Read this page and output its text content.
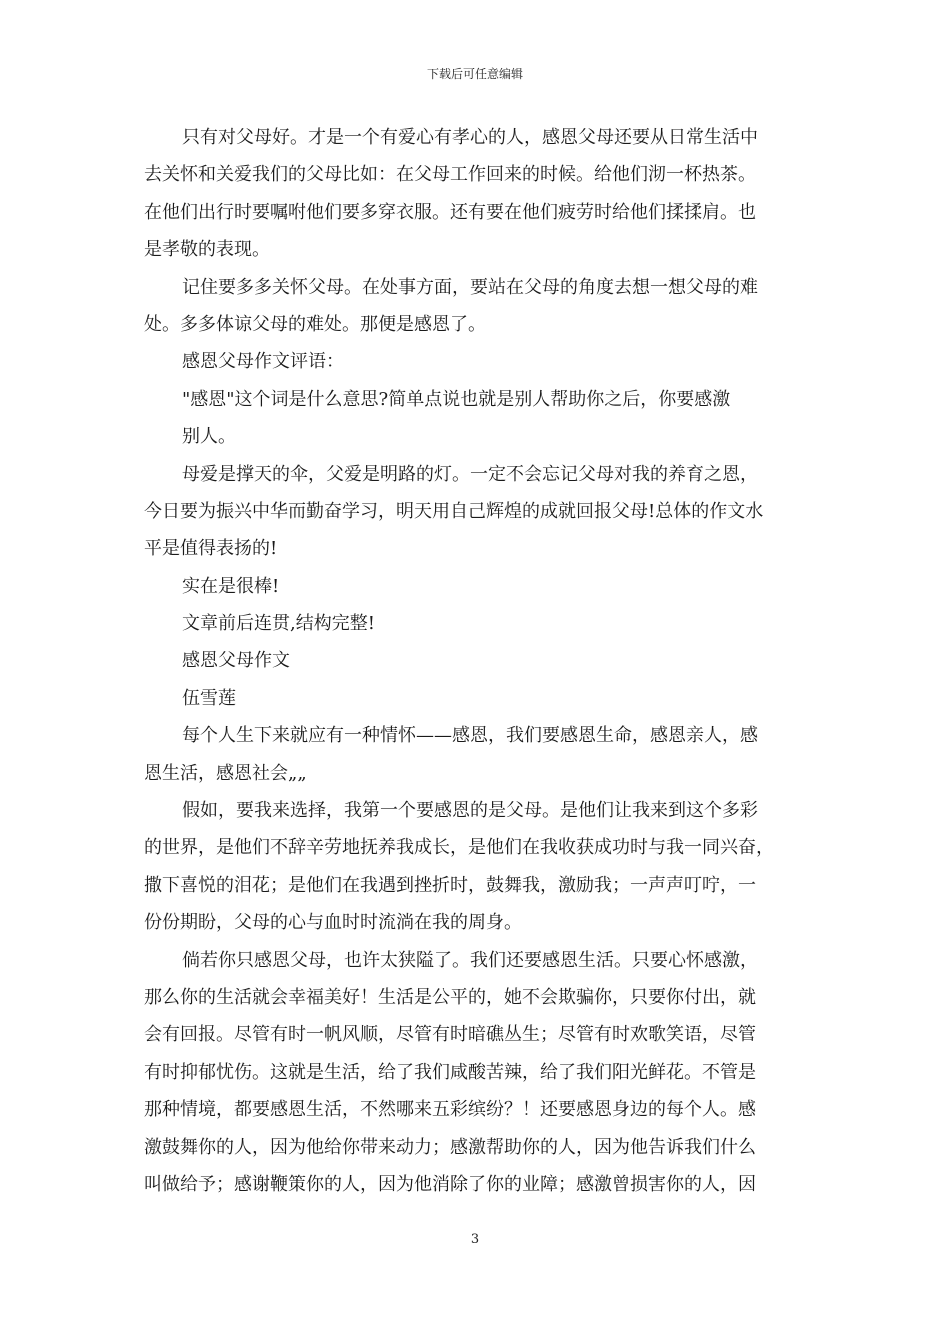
下载后可任意编辑
只有对父母好。才是一个有爱心有孝心的人，感恩父母还要从日常生活中
去关怀和关爱我们的父母比如：在父母工作回来的时候。给他们沏一杯热茶。
在他们出行时要嘱咐他们要多穿衣服。还有要在他们疲劳时给他们揉揉肩。也
是孝敬的表现。
记住要多多关怀父母。在处事方面，要站在父母的角度去想一想父母的难
处。多多体谅父母的难处。那便是感恩了。
感恩父母作文评语：
"感恩"这个词是什么意思?简单点说也就是别人帮助你之后，你要感激
别人。
母爱是撑天的伞，父爱是明路的灯。一定不会忘记父母对我的养育之恩，
今日要为振兴中华而勤奋学习，明天用自己辉煌的成就回报父母!总体的作文水
平是值得表扬的!
实在是很棒!
文章前后连贯,结构完整!
感恩父母作文
伍雪莲
每个人生下来就应有一种情怀——感恩，我们要感恩生命，感恩亲人，感
恩生活，感恩社会„„
假如，要我来选择，我第一个要感恩的是父母。是他们让我来到这个多彩
的世界，是他们不辞辛劳地抚养我成长，是他们在我收获成功时与我一同兴奋，
撒下喜悦的泪花；是他们在我遇到挫折时，鼓舞我，激励我；一声声叮咛，一
份份期盼，父母的心与血时时流淌在我的周身。
倘若你只感恩父母，也许太狭隘了。我们还要感恩生活。只要心怀感激，
那么你的生活就会幸福美好！生活是公平的，她不会欺骗你，只要你付出，就
会有回报。尽管有时一帆风顺，尽管有时暗礁丛生；尽管有时欢歌笑语，尽管
有时抑郁忧伤。这就是生活，给了我们咸酸苦辣，给了我们阳光鲜花。不管是
那种情境，都要感恩生活，不然哪来五彩缤纷？！还要感恩身边的每个人。感
激鼓舞你的人，因为他给你带来动力；感激帮助你的人，因为他告诉我们什么
叫做给予；感谢鞭策你的人，因为他消除了你的业障；感激曾损害你的人，因
3
